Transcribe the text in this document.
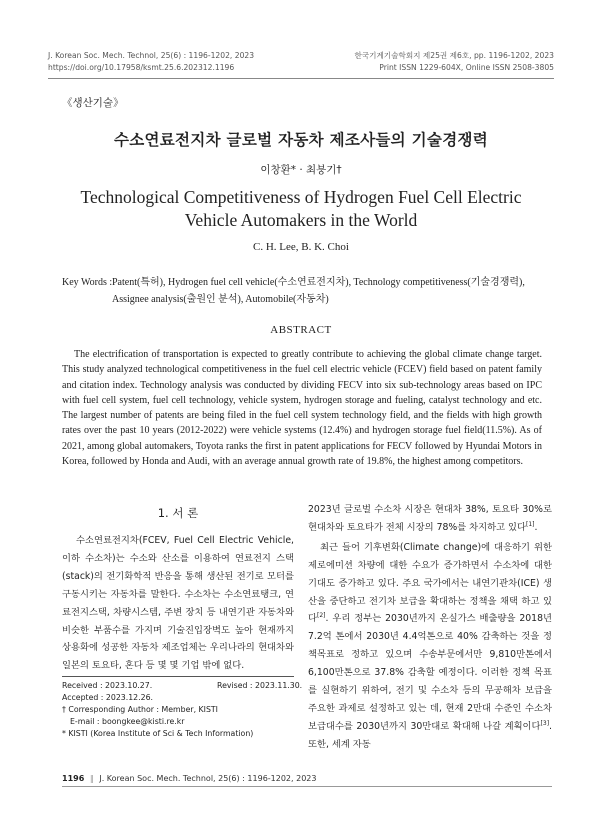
J. Korean Soc. Mech. Technol, 25(6) : 1196-1202, 2023
https://doi.org/10.17958/ksmt.25.6.202312.1196
한국기계기술학회지 제25권 제6호, pp. 1196-1202, 2023
Print ISSN 1229-604X, Online ISSN 2508-3805
《생산기술》
수소연료전지차 글로벌 자동차 제조사들의 기술경쟁력
이창환* · 최붕기†
Technological Competitiveness of Hydrogen Fuel Cell Electric
Vehicle Automakers in the World
C. H. Lee, B. K. Choi
Key Words : Patent(특허), Hydrogen fuel cell vehicle(수소연료전지차), Technology competitiveness(기술경쟁력), Assignee analysis(출원인 분석), Automobile(자동차)
ABSTRACT
The electrification of transportation is expected to greatly contribute to achieving the global climate change target. This study analyzed technological competitiveness in the fuel cell electric vehicle (FCEV) field based on patent family and citation index. Technology analysis was conducted by dividing FECV into six sub-technology areas based on IPC with fuel cell system, fuel cell technology, vehicle system, hydrogen storage and fueling, catalyst technology and etc. The largest number of patents are being filed in the fuel cell system technology field, and the fields with high growth rates over the past 10 years (2012-2022) were vehicle systems (12.4%) and hydrogen storage fuel field(11.5%). As of 2021, among global automakers, Toyota ranks the first in patent applications for FECV followed by Hyundai Motors in Korea, followed by Honda and Audi, with an average annual growth rate of 19.8%, the highest among competitors.
1. 서 론
수소연료전지차(FCEV, Fuel Cell Electric Vehicle, 이하 수소차)는 수소와 산소를 이용하여 연료전지 스택(stack)의 전기화학적 반응을 통해 생산된 전기로 모터를 구동시키는 자동차를 말한다. 수소차는 수소연료탱크, 연료전지스택, 차량시스템, 주변 장치 등 내연기관 자동차와 비슷한 부품수를 가지며 기술진입장벽도 높아 현재까지 상용화에 성공한 자동차 제조업체는 우리나라의 현대차와 일본의 토요타, 혼다 등 몇 몇 기업 밖에 없다.
Received : 2023.10.27.	Revised : 2023.11.30.
Accepted : 2023.12.26.
† Corresponding Author : Member, KISTI
E-mail : boongkee@kisti.re.kr
* KISTI (Korea Institute of Sci & Tech Information)

2023년 글로벌 수소차 시장은 현대차 38%, 토요타 30%로 현대차와 토요타가 전체 시장의 78%를 차지하고 있다[1].

최근 들어 기후변화(Climate change)에 대응하기 위한 제로에미션 차량에 대한 수요가 증가하면서 수소차에 대한 기대도 증가하고 있다. 주요 국가에서는 내연기관차(ICE) 생산을 중단하고 전기차 보급을 확대하는 정책을 채택 하고 있다[2]. 우리 정부는 2030년까지 온실가스 배출량을 2018년 7.2억 톤에서 2030년 4.4억톤으로 40% 감축하는 것을 정책목표로 정하고 있으며 수송부문에서만 9,810만톤에서 6,100만톤으로 37.8% 감축할 예정이다. 이러한 정책 목표를 실현하기 위하여, 전기 및 수소차 등의 무공해차 보급을 주요한 과제로 설정하고 있는 데, 현재 2만대 수준인 수소차 보급대수를 2030년까지 30만대로 확대해 나갈 계획이다[3]. 또한, 세계 자동

1196 ‖ J. Korean Soc. Mech. Technol, 25(6) : 1196-1202, 2023
